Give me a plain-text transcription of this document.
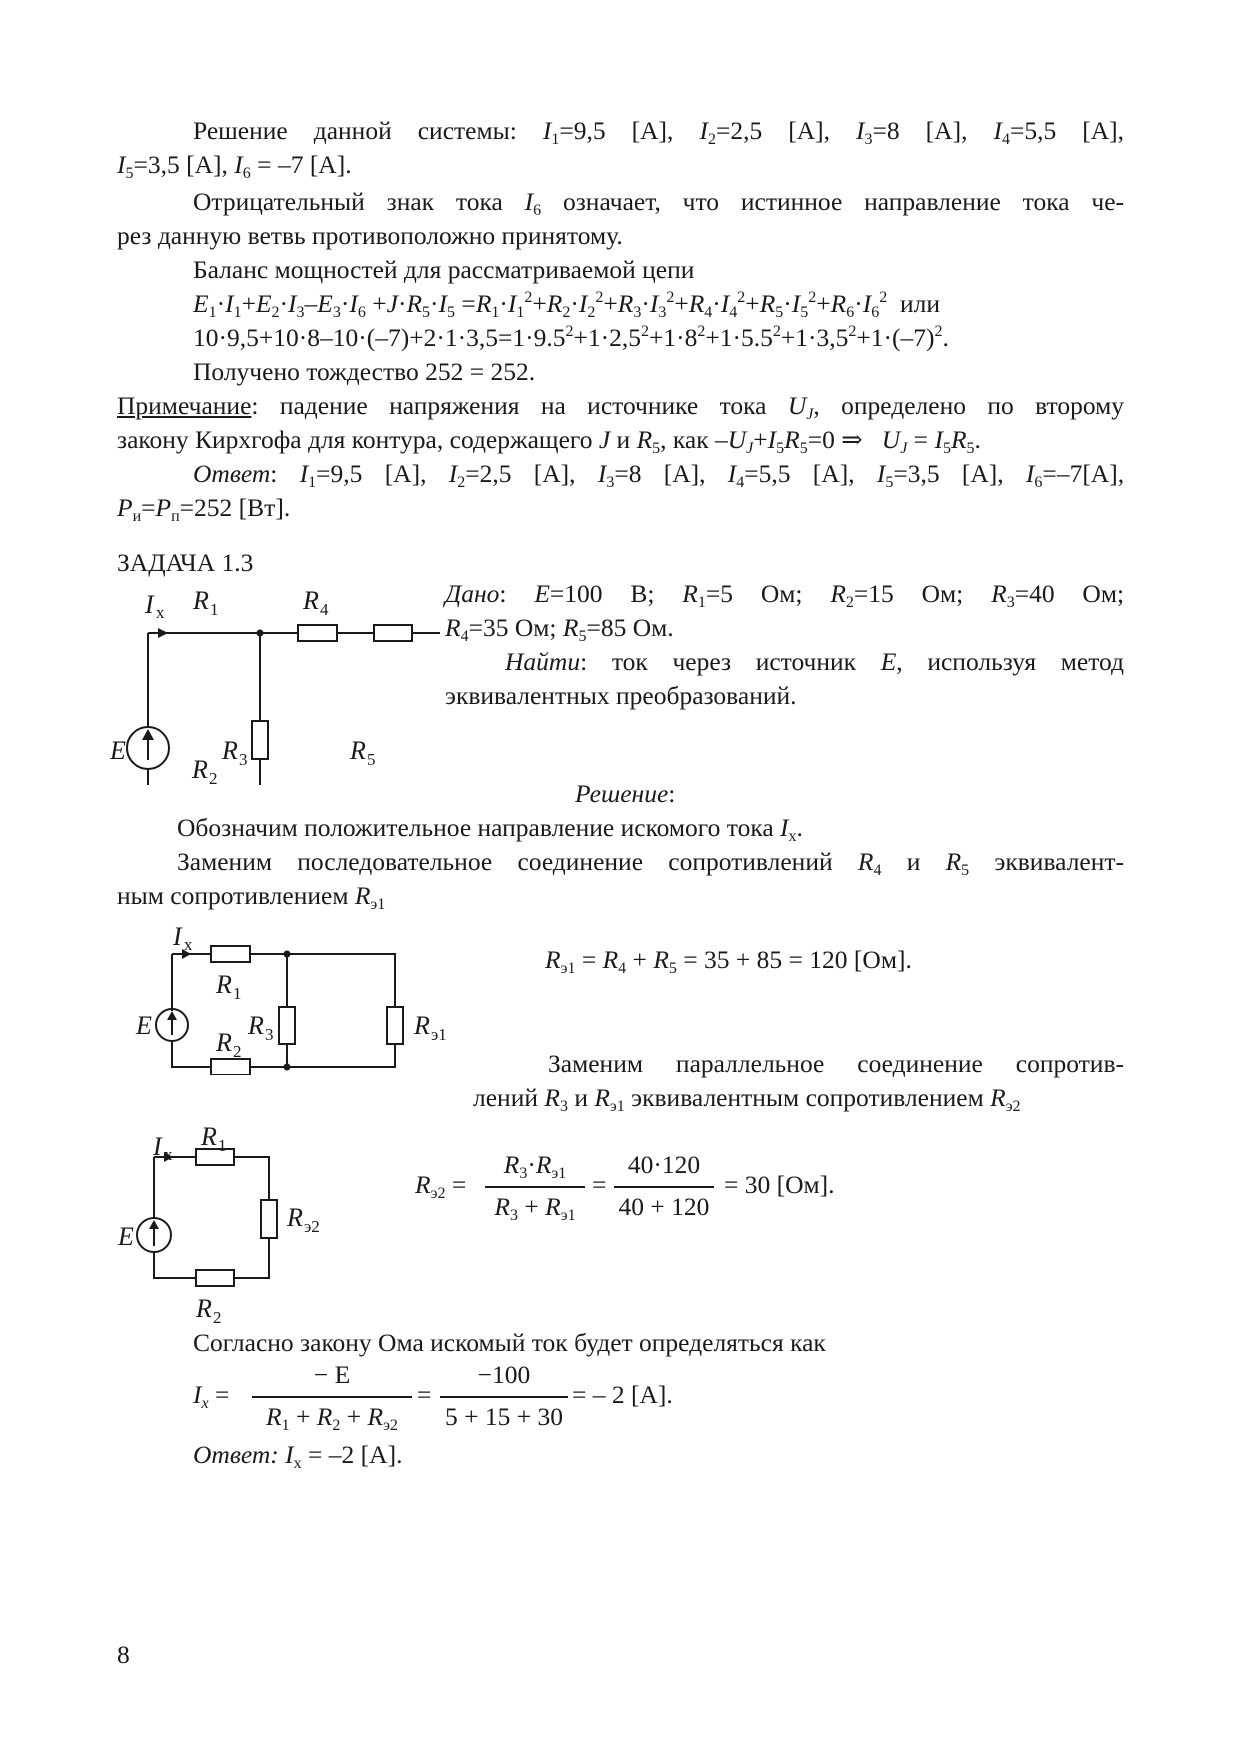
Решение данной системы: $I_1=9,5$ [А], $I_2=2,5$ [А], $I_3=8$ [А], $I_4=5,5$ [А],
$I_5=3,5$ [А], $I_6 = -7$ [А].
Отрицательный знак тока $I_6$ означает, что истинное направление тока че-
рез данную ветвь противоположно принятому.
Баланс мощностей для рассматриваемой цепи
$E_1\cdot I_1+E_2\cdot I_3-E_3\cdot I_6 +J\cdot R_5\cdot I_5 =R_1\cdot I_1^2+R_2\cdot I_2^2+R_3\cdot I_3^2+R_4\cdot I_4^2+R_5\cdot I_5^2+R_6\cdot I_6^2$ или
$10\cdot 9,5+10\cdot 8-10\cdot(-7)+2\cdot 1\cdot 3,5=1\cdot 9.5^2+1\cdot 2,5^2+1\cdot 8^2+1\cdot 5.5^2+1\cdot 3,5^2+1\cdot(-7)^2$.
Получено тождество 252 = 252.
Примечание: падение напряжения на источнике тока $U_J$, определено по второму
закону Кирхгофа для контура, содержащего J и $R_5$, как $-U_J+I_5R_5=0$ ⇒ $U_J = I_5R_5$.
Ответ: $I_1=9,5$ [А], $I_2=2,5$ [А], $I_3=8$ [А], $I_4=5,5$ [А], $I_5=3,5$ [А], $I_6=-7[А]$,
$P_и=P_п=252$ [Вт].
ЗАДАЧА 1.3
I x R 1	R 4
E	R 3	R 5
R 2
Дано: E=100 В; $R_1=5$ Ом; $R_2=15$ Ом; $R_3=40$ Ом;
$R_4=35$ Ом; $R_5=85$ Ом.
Найти: ток через источник E, используя метод
эквивалентных преобразований.
Решение:
Обозначим положительное направление искомого тока $I_x$.
Заменим последовательное соединение сопротивлений $R_4$ и $R_5$ эквивалент-
ным сопротивлением $R_{э1}$
I x
R 1
E	R 3	R э1
R 2
$R_{э1} = R_4 + R_5 = 35 + 85 = 120$ [Ом].
Заменим параллельное соединение сопротив-
лений $R_3$ и $R_{э1}$ эквивалентным сопротивлением $R_{э2}$
I x
R 1
E
R э2
R 2
$R_{э2}$ =
$R_3\cdot R_{э1}$
$R_3 + R_{э1}$
=
40·120
40 + 120
= 30 [Ом].
Согласно закону Ома искомый ток будет определяться как
$I_x$ =
− E
$R_1 + R_2 + R_{э2}$
=
−100
5 + 15 + 30
= – 2 [А].
Ответ: $I_x = -2$ [А].
8
